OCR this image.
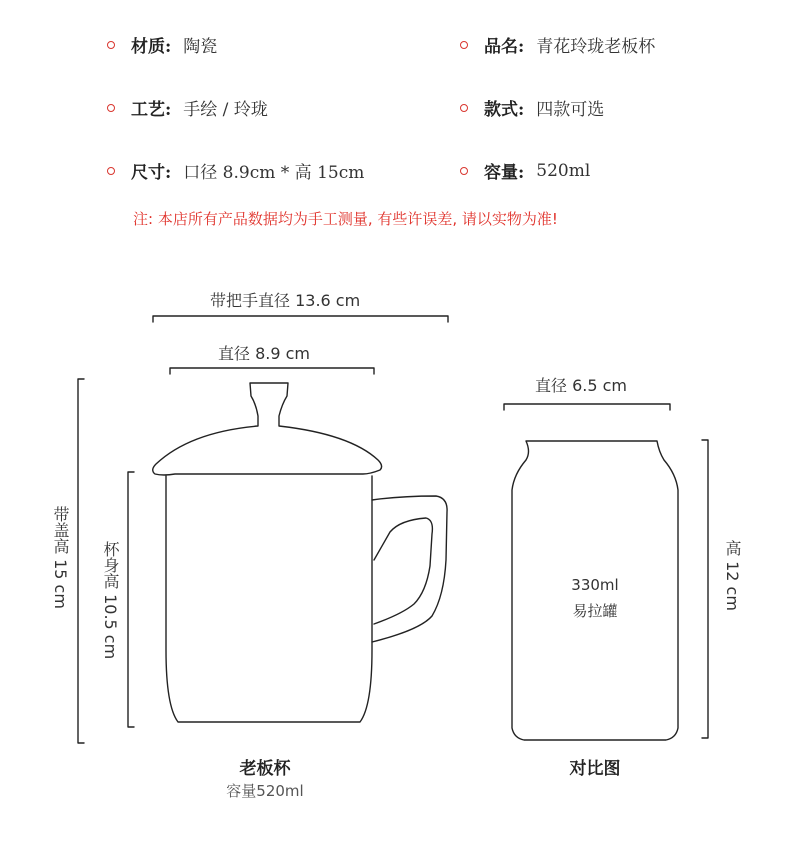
材质: 陶瓷	品名: 青花玲珑老板杯
工艺: 手绘 / 玲珑	款式: 四款可选
尺寸: 口径 8.9cm * 高 15cm	容量: 520ml
注: 本店所有产品数据均为手工测量, 有些许误差, 请以实物为准!
带把手直径 13.6 cm
直径 8.9 cm
直径 6.5 cm
带盖高 15 cm 杯身高 10.5 cm	高 12 cm
330ml
易拉罐
老板杯
容量520ml
对比图
